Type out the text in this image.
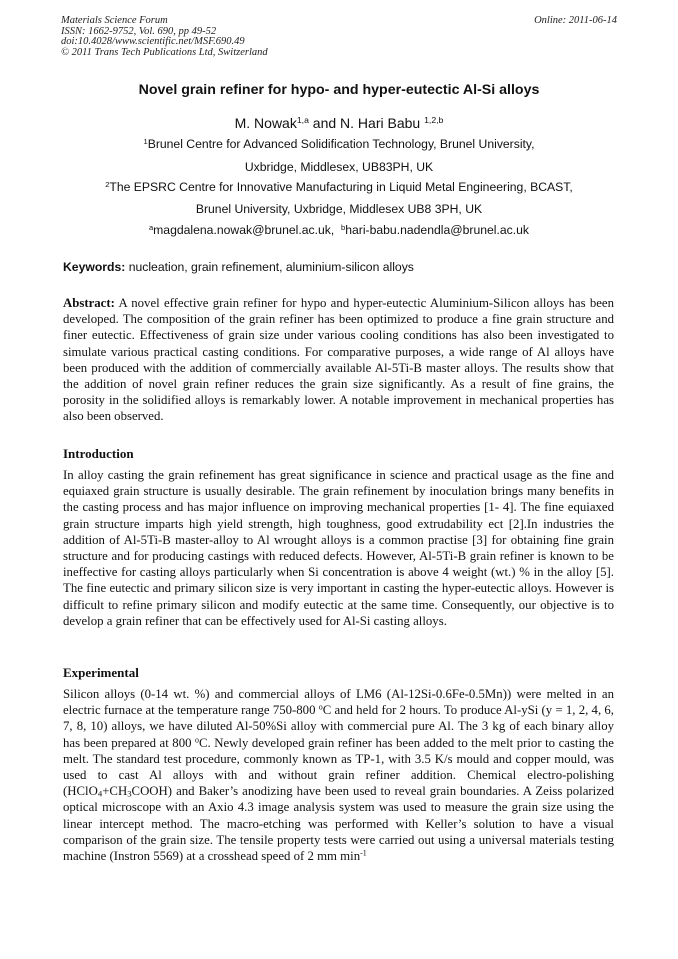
Materials Science Forum
ISSN: 1662-9752, Vol. 690, pp 49-52
doi:10.4028/www.scientific.net/MSF.690.49
© 2011 Trans Tech Publications Ltd, Switzerland
Online: 2011-06-14
Novel grain refiner for hypo- and hyper-eutectic Al-Si alloys
M. Nowak$^{1,a}$ and N. Hari Babu $^{1,2,b}$
$^1$Brunel Centre for Advanced Solidification Technology, Brunel University,
Uxbridge, Middlesex, UB83PH, UK
$^2$The EPSRC Centre for Innovative Manufacturing in Liquid Metal Engineering, BCAST,
Brunel University, Uxbridge, Middlesex UB8 3PH, UK
$^a$magdalena.nowak@brunel.ac.uk, $^b$hari-babu.nadendla@brunel.ac.uk
Keywords: nucleation, grain refinement, aluminium-silicon alloys
Abstract: A novel effective grain refiner for hypo and hyper-eutectic Aluminium-Silicon alloys has been developed. The composition of the grain refiner has been optimized to produce a fine grain structure and finer eutectic. Effectiveness of grain size under various cooling conditions has also been investigated to simulate various practical casting conditions. For comparative purposes, a wide range of Al alloys have been produced with the addition of commercially available Al-5Ti-B master alloys. The results show that the addition of novel grain refiner reduces the grain size significantly. As a result of fine grains, the porosity in the solidified alloys is remarkably lower. A notable improvement in mechanical properties has also been observed.
Introduction
In alloy casting the grain refinement has great significance in science and practical usage as the fine and equiaxed grain structure is usually desirable. The grain refinement by inoculation brings many benefits in the casting process and has major influence on improving mechanical properties [1- 4]. The fine equiaxed grain structure imparts high yield strength, high toughness, good extrudability ect [2].In industries the addition of Al-5Ti-B master-alloy to Al wrought alloys is a common practise [3] for obtaining fine grain structure and for producing castings with reduced defects. However, Al-5Ti-B grain refiner is known to be ineffective for casting alloys particularly when Si concentration is above 4 weight (wt.) % in the alloy [5]. The fine eutectic and primary silicon size is very important in casting the hyper-eutectic alloys. However is difficult to refine primary silicon and modify eutectic at the same time. Consequently, our objective is to develop a grain refiner that can be effectively used for Al-Si casting alloys.
Experimental
Silicon alloys (0-14 wt. %) and commercial alloys of LM6 (Al-12Si-0.6Fe-0.5Mn)) were melted in an electric furnace at the temperature range 750-800 $^o$C and held for 2 hours. To produce Al-ySi (y = 1, 2, 4, 6, 7, 8, 10) alloys, we have diluted Al-50%Si alloy with commercial pure Al. The 3 kg of each binary alloy has been prepared at 800 $^o$C. Newly developed grain refiner has been added to the melt prior to casting the melt. The standard test procedure, commonly known as TP-1, with 3.5 K/s mould and copper mould, was used to cast Al alloys with and without grain refiner addition. Chemical electro-polishing $(HClO_4+CH_3COOH)$ and Baker’s anodizing have been used to reveal grain boundaries. A Zeiss polarized optical microscope with an Axio 4.3 image analysis system was used to measure the grain size using the linear intercept method. The macro-etching was performed with Keller’s solution to have a visual comparison of the grain size. The tensile property tests were carried out using a universal materials testing machine (Instron 5569) at a crosshead speed of 2 mm $\min^{-1}$
